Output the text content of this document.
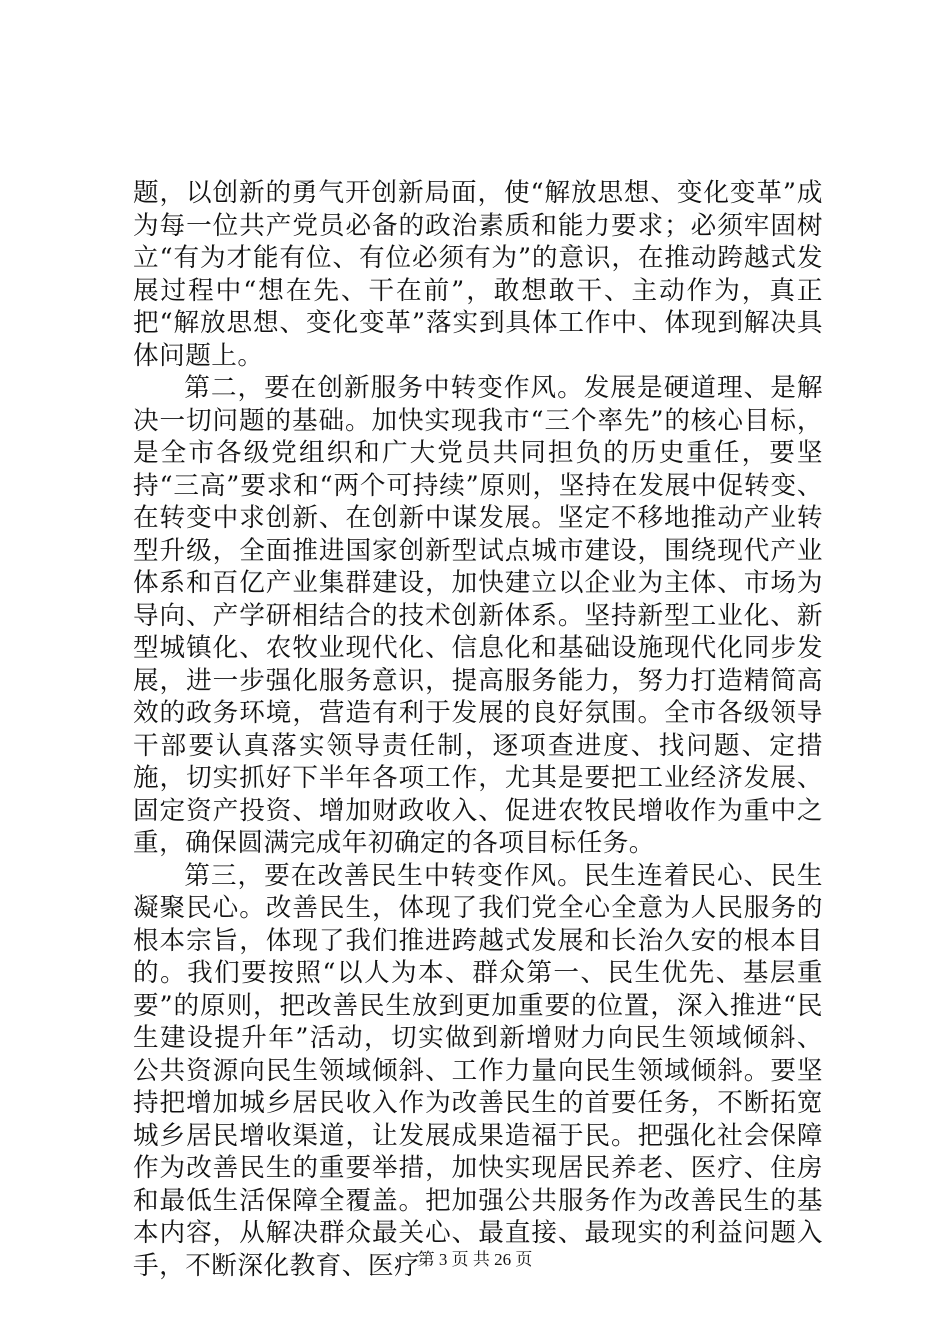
题，以创新的勇气开创新局面，使“解放思想、变化变革”成为每一位共产党员必备的政治素质和能力要求；必须牢固树立“有为才能有位、有位必须有为”的意识，在推动跨越式发展过程中“想在先、干在前”，敢想敢干、主动作为，真正把“解放思想、变化变革”落实到具体工作中、体现到解决具体问题上。

第二，要在创新服务中转变作风。发展是硬道理、是解决一切问题的基础。加快实现我市“三个率先”的核心目标，是全市各级党组织和广大党员共同担负的历史重任，要坚持“三高”要求和“两个可持续”原则，坚持在发展中促转变、在转变中求创新、在创新中谋发展。坚定不移地推动产业转型升级，全面推进国家创新型试点城市建设，围绕现代产业体系和百亿产业集群建设，加快建立以企业为主体、市场为导向、产学研相结合的技术创新体系。坚持新型工业化、新型城镇化、农牧业现代化、信息化和基础设施现代化同步发展，进一步强化服务意识，提高服务能力，努力打造精简高效的政务环境，营造有利于发展的良好氛围。全市各级领导干部要认真落实领导责任制，逐项查进度、找问题、定措施，切实抓好下半年各项工作，尤其是要把工业经济发展、固定资产投资、增加财政收入、促进农牧民增收作为重中之重，确保圆满完成年初确定的各项目标任务。

第三，要在改善民生中转变作风。民生连着民心、民生凝聚民心。改善民生，体现了我们党全心全意为人民服务的根本宗旨，体现了我们推进跨越式发展和长治久安的根本目的。我们要按照“以人为本、群众第一、民生优先、基层重要”的原则，把改善民生放到更加重要的位置，深入推进“民生建设提升年”活动，切实做到新增财力向民生领域倾斜、公共资源向民生领域倾斜、工作力量向民生领域倾斜。要坚持把增加城乡居民收入作为改善民生的首要任务，不断拓宽城乡居民增收渠道，让发展成果造福于民。把强化社会保障作为改善民生的重要举措，加快实现居民养老、医疗、住房和最低生活保障全覆盖。把加强公共服务作为改善民生的基本内容，从解决群众最关心、最直接、最现实的利益问题入手，不断深化教育、医疗

第 3 页 共 26 页
